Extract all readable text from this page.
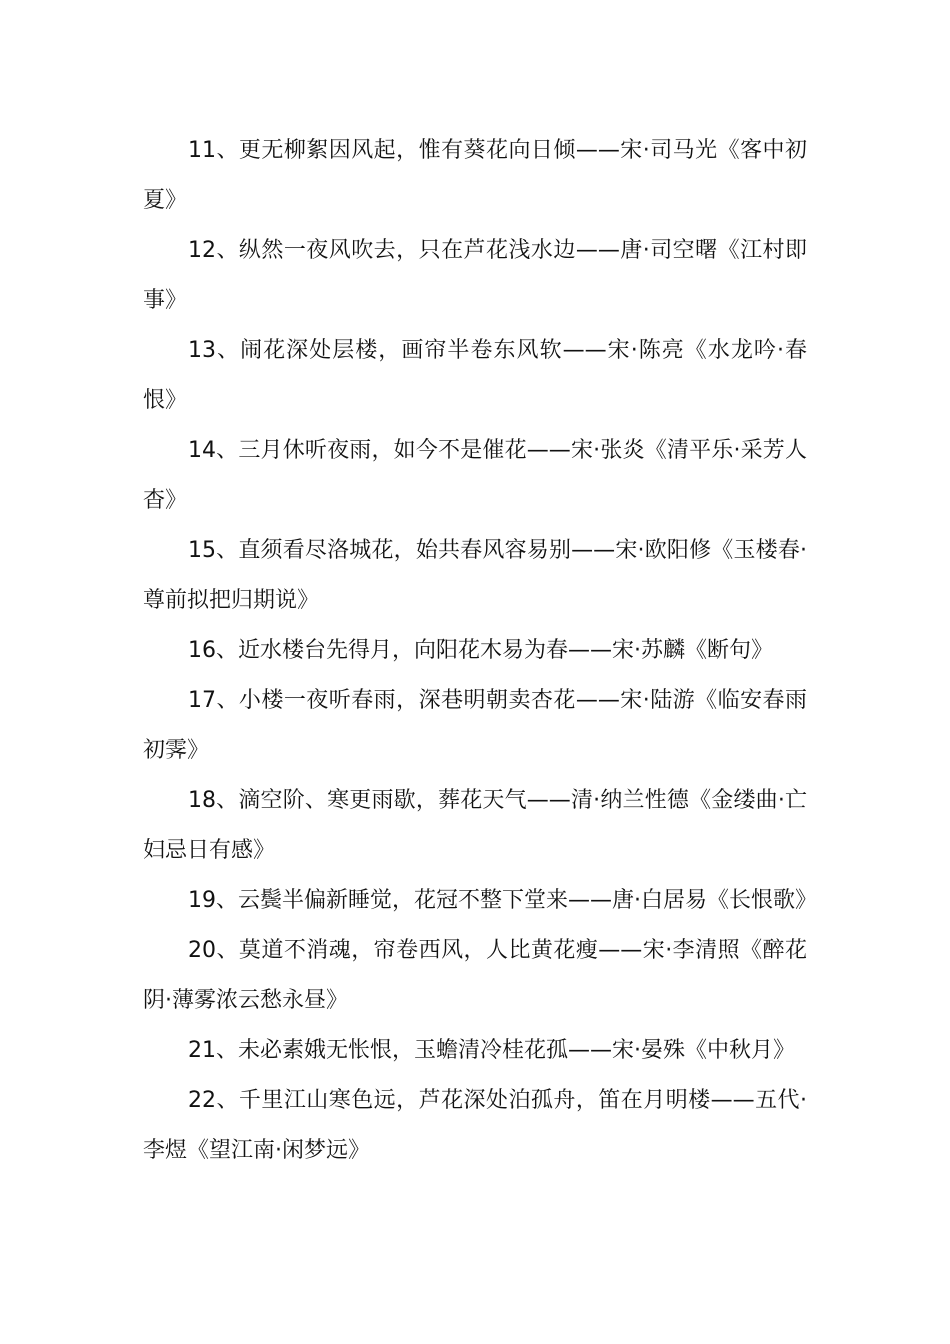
11、更无柳絮因风起，惟有葵花向日倾——宋·司马光《客中初夏》

12、纵然一夜风吹去，只在芦花浅水边——唐·司空曙《江村即事》

13、闹花深处层楼，画帘半卷东风软——宋·陈亮《水龙吟·春恨》

14、三月休听夜雨，如今不是催花——宋·张炎《清平乐·采芳人杳》

15、直须看尽洛城花，始共春风容易别——宋·欧阳修《玉楼春·尊前拟把归期说》

16、近水楼台先得月，向阳花木易为春——宋·苏麟《断句》

17、小楼一夜听春雨，深巷明朝卖杏花——宋·陆游《临安春雨初霁》

18、滴空阶、寒更雨歇，葬花天气——清·纳兰性德《金缕曲·亡妇忌日有感》

19、云鬓半偏新睡觉，花冠不整下堂来——唐·白居易《长恨歌》

20、莫道不消魂，帘卷西风，人比黄花瘦——宋·李清照《醉花阴·薄雾浓云愁永昼》

21、未必素娥无怅恨，玉蟾清冷桂花孤——宋·晏殊《中秋月》

22、千里江山寒色远，芦花深处泊孤舟，笛在月明楼——五代·李煜《望江南·闲梦远》
